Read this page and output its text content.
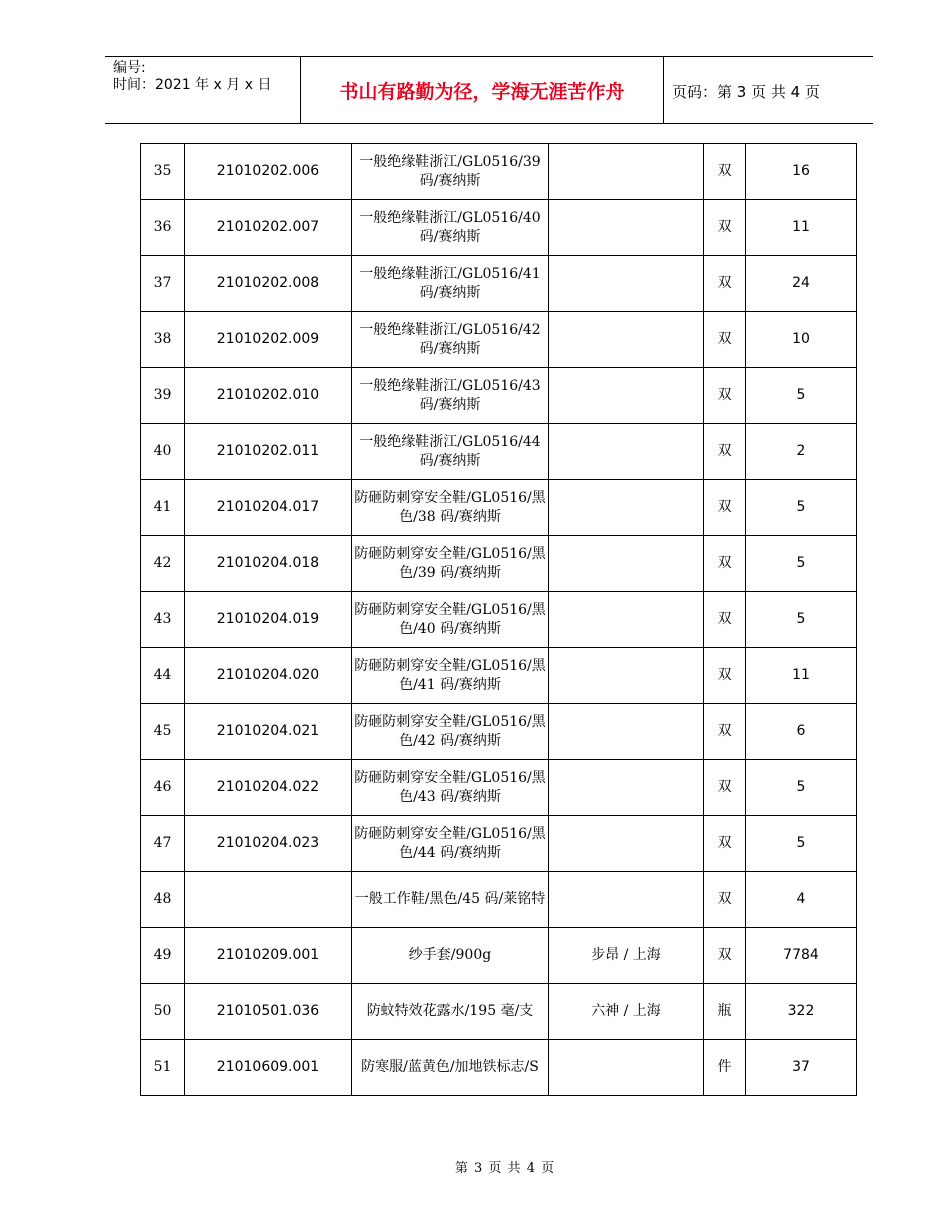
编号:
时间：2021 年 x 月 x 日	书山有路勤为径，学海无涯苦作舟	页码：第 3 页 共 4 页
35	21010202.006	一般绝缘鞋浙江/GL0516/39码/赛纳斯		双	16
36	21010202.007	一般绝缘鞋浙江/GL0516/40码/赛纳斯		双	11
37	21010202.008	一般绝缘鞋浙江/GL0516/41码/赛纳斯		双	24
38	21010202.009	一般绝缘鞋浙江/GL0516/42码/赛纳斯		双	10
39	21010202.010	一般绝缘鞋浙江/GL0516/43码/赛纳斯		双	5
40	21010202.011	一般绝缘鞋浙江/GL0516/44码/赛纳斯		双	2
41	21010204.017	防砸防刺穿安全鞋/GL0516/黑色/38 码/赛纳斯		双	5
42	21010204.018	防砸防刺穿安全鞋/GL0516/黑色/39 码/赛纳斯		双	5
43	21010204.019	防砸防刺穿安全鞋/GL0516/黑色/40 码/赛纳斯		双	5
44	21010204.020	防砸防刺穿安全鞋/GL0516/黑色/41 码/赛纳斯		双	11
45	21010204.021	防砸防刺穿安全鞋/GL0516/黑色/42 码/赛纳斯		双	6
46	21010204.022	防砸防刺穿安全鞋/GL0516/黑色/43 码/赛纳斯		双	5
47	21010204.023	防砸防刺穿安全鞋/GL0516/黑色/44 码/赛纳斯		双	5
48		一般工作鞋/黑色/45 码/莱铭特		双	4
49	21010209.001	纱手套/900g	步昂 / 上海	双	7784
50	21010501.036	防蚊特效花露水/195 毫/支	六神 / 上海	瓶	322
51	21010609.001	防寒服/蓝黄色/加地铁标志/S		件	37
第 3 页 共 4 页
